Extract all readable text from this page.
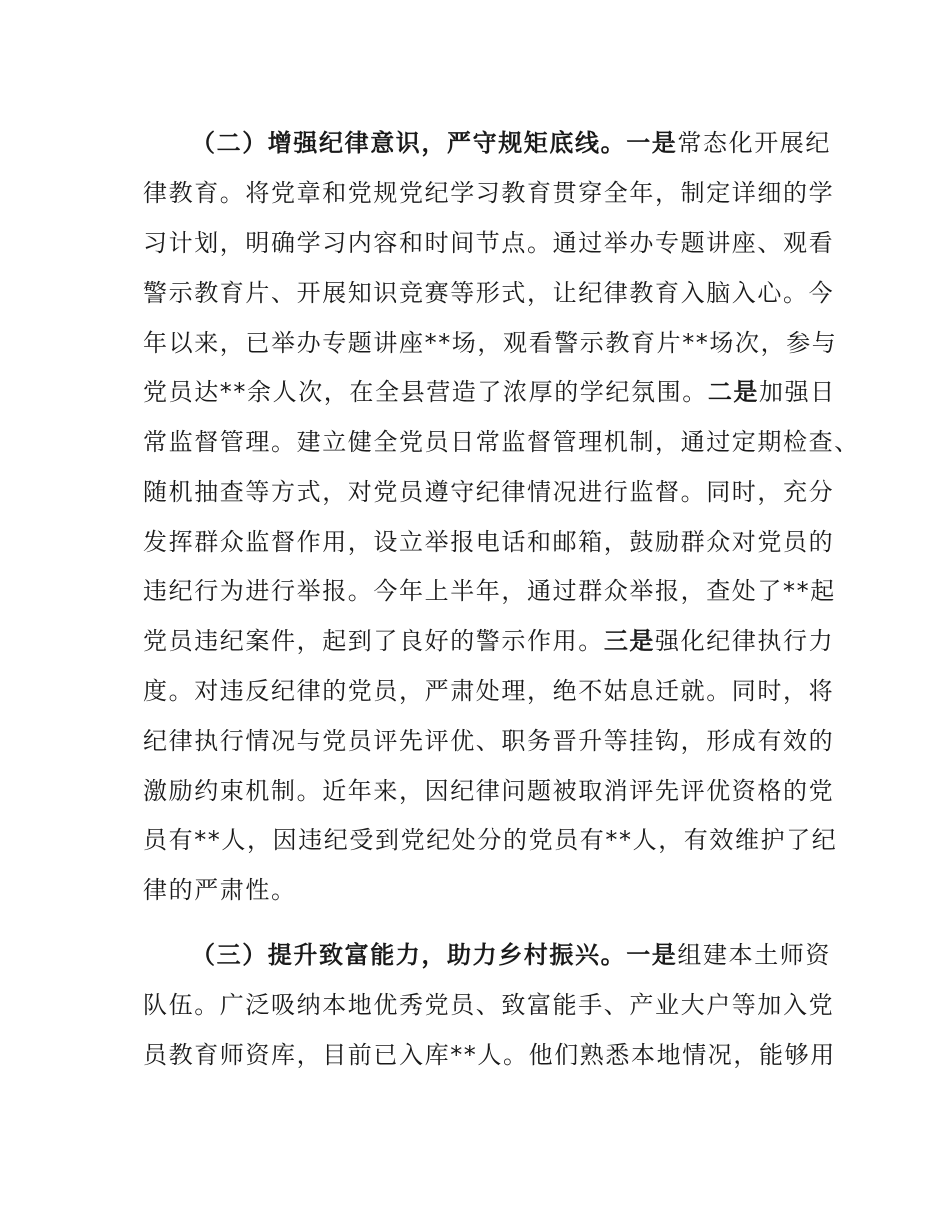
（二）增强纪律意识，严守规矩底线。一是常态化开展纪
律教育。将党章和党规党纪学习教育贯穿全年，制定详细的学
习计划，明确学习内容和时间节点。通过举办专题讲座、观看
警示教育片、开展知识竞赛等形式，让纪律教育入脑入心。今
年以来，已举办专题讲座**场，观看警示教育片**场次，参与
党员达**余人次，在全县营造了浓厚的学纪氛围。二是加强日
常监督管理。建立健全党员日常监督管理机制，通过定期检查、
随机抽查等方式，对党员遵守纪律情况进行监督。同时，充分
发挥群众监督作用，设立举报电话和邮箱，鼓励群众对党员的
违纪行为进行举报。今年上半年，通过群众举报，查处了**起
党员违纪案件，起到了良好的警示作用。三是强化纪律执行力
度。对违反纪律的党员，严肃处理，绝不姑息迁就。同时，将
纪律执行情况与党员评先评优、职务晋升等挂钩，形成有效的
激励约束机制。近年来，因纪律问题被取消评先评优资格的党
员有**人，因违纪受到党纪处分的党员有**人，有效维护了纪
律的严肃性。
（三）提升致富能力，助力乡村振兴。一是组建本土师资
队伍。广泛吸纳本地优秀党员、致富能手、产业大户等加入党
员教育师资库，目前已入库**人。他们熟悉本地情况，能够用
